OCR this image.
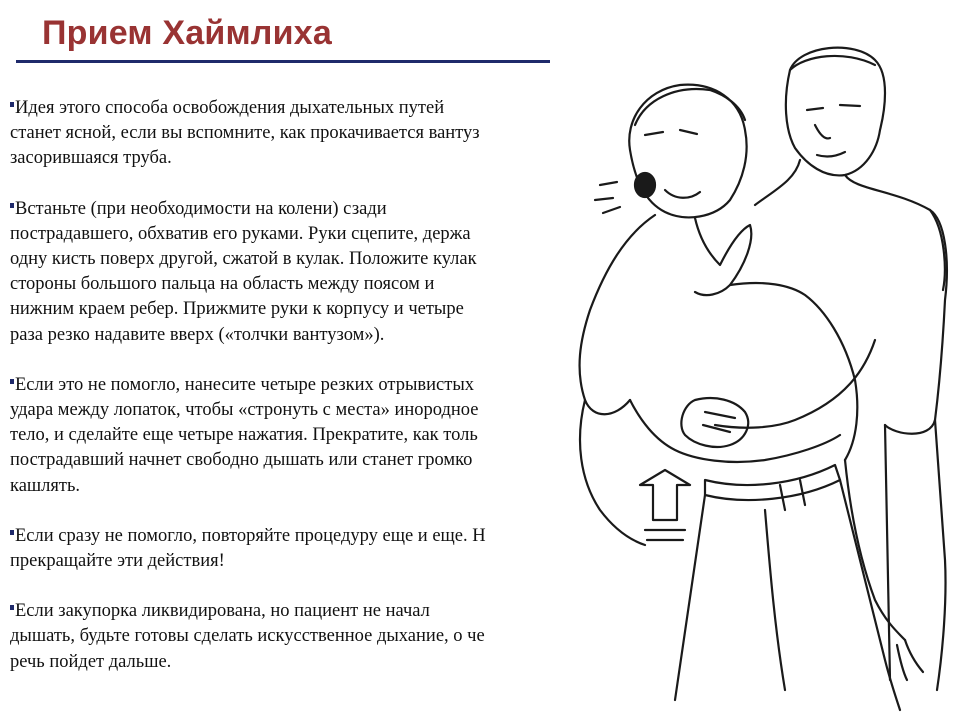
Прием Хаймлиха

Идея этого способа освобождения дыхательных путей
станет ясной, если вы вспомните, как прокачивается вантуз
засорившаяся труба.

Встаньте (при необходимости на колени) сзади
пострадавшего, обхватив его руками. Руки сцепите, держа
одну кисть поверх другой, сжатой в кулак. Положите кулак
стороны большого пальца на область между поясом и
нижним краем ребер. Прижмите руки к корпусу и четыре
раза резко надавите вверх («толчки вантузом»).

Если это не помогло, нанесите четыре резких отрывистых
удара между лопаток, чтобы «стронуть с места» инородное
тело, и сделайте еще четыре нажатия. Прекратите, как толь
пострадавший начнет свободно дышать или станет громко
кашлять.

Если сразу не помогло, повторяйте процедуру еще и еще. Н
прекращайте эти действия!

Если закупорка ликвидирована, но пациент не начал
дышать, будьте готовы сделать искусственное дыхание, о че
речь пойдет дальше.
